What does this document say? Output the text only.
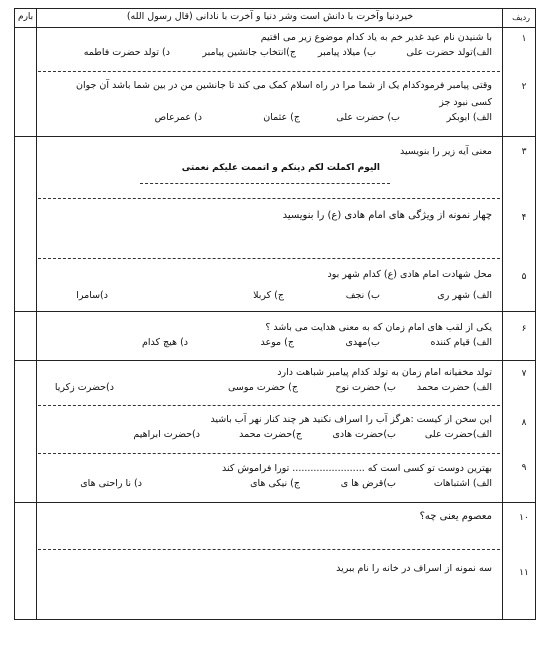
بارم	ردیف
خیردنیا وآخرت با دانش است وشر دنیا و آخرت با نادانی (قال رسول الله)
۱
با شنیدن نام عید غدیر خم به یاد کدام موضوع زیر می افتیم
الف)تولد حضرت علی
ب) میلاد پیامبر
ج)انتخاب جانشین پیامبر
د) تولد حضرت فاطمه
۲
وقتی پیامبر فرمودکدام یک از شما مرا در راه اسلام کمک می کند تا جانشین من در بین شما باشد آن جوان
کسی نبود جز
الف) ابوبکر
ب) حضرت علی
ج) عثمان
د) عمرعاص
۳
معنی آیه زیر را بنویسید
الیوم اکملت لکم دینکم و اتممت علیکم نعمتی
۴
چهار نمونه از ویژگی های امام هادی (ع) را بنویسید
۵
محل شهادت امام هادی (ع) کدام شهر بود
الف) شهر ری
ب) نجف
ج) کربلا
د)سامرا
۶
یکی از لقب های امام زمان که به معنی هدایت می باشد ؟
الف) قیام کننده
ب)مهدی
ج) موعد
د) هیچ کدام
۷
تولد مخفیانه امام زمان به تولد کدام پیامبر شباهت دارد
الف) حضرت محمد
ب) حضرت نوح
ج) حضرت موسی
د)حضرت زکریا
۸
این سخن از کیست :هرگز آب را اسراف نکنید هر چند کنار نهر آب باشید
الف)حضرت علی
ب)حضرت هادی
ج)حضرت محمد
د)حضرت ابراهیم
۹
بهترین دوست تو کسی است که ........................ تورا فراموش کند
الف) اشتباهات
ب)قرض ها ی
ج) نیکی های
د) نا راحتی های
۱۰
معصوم یعنی چه؟
۱۱
سه نمونه از اسراف در خانه را نام ببرید
